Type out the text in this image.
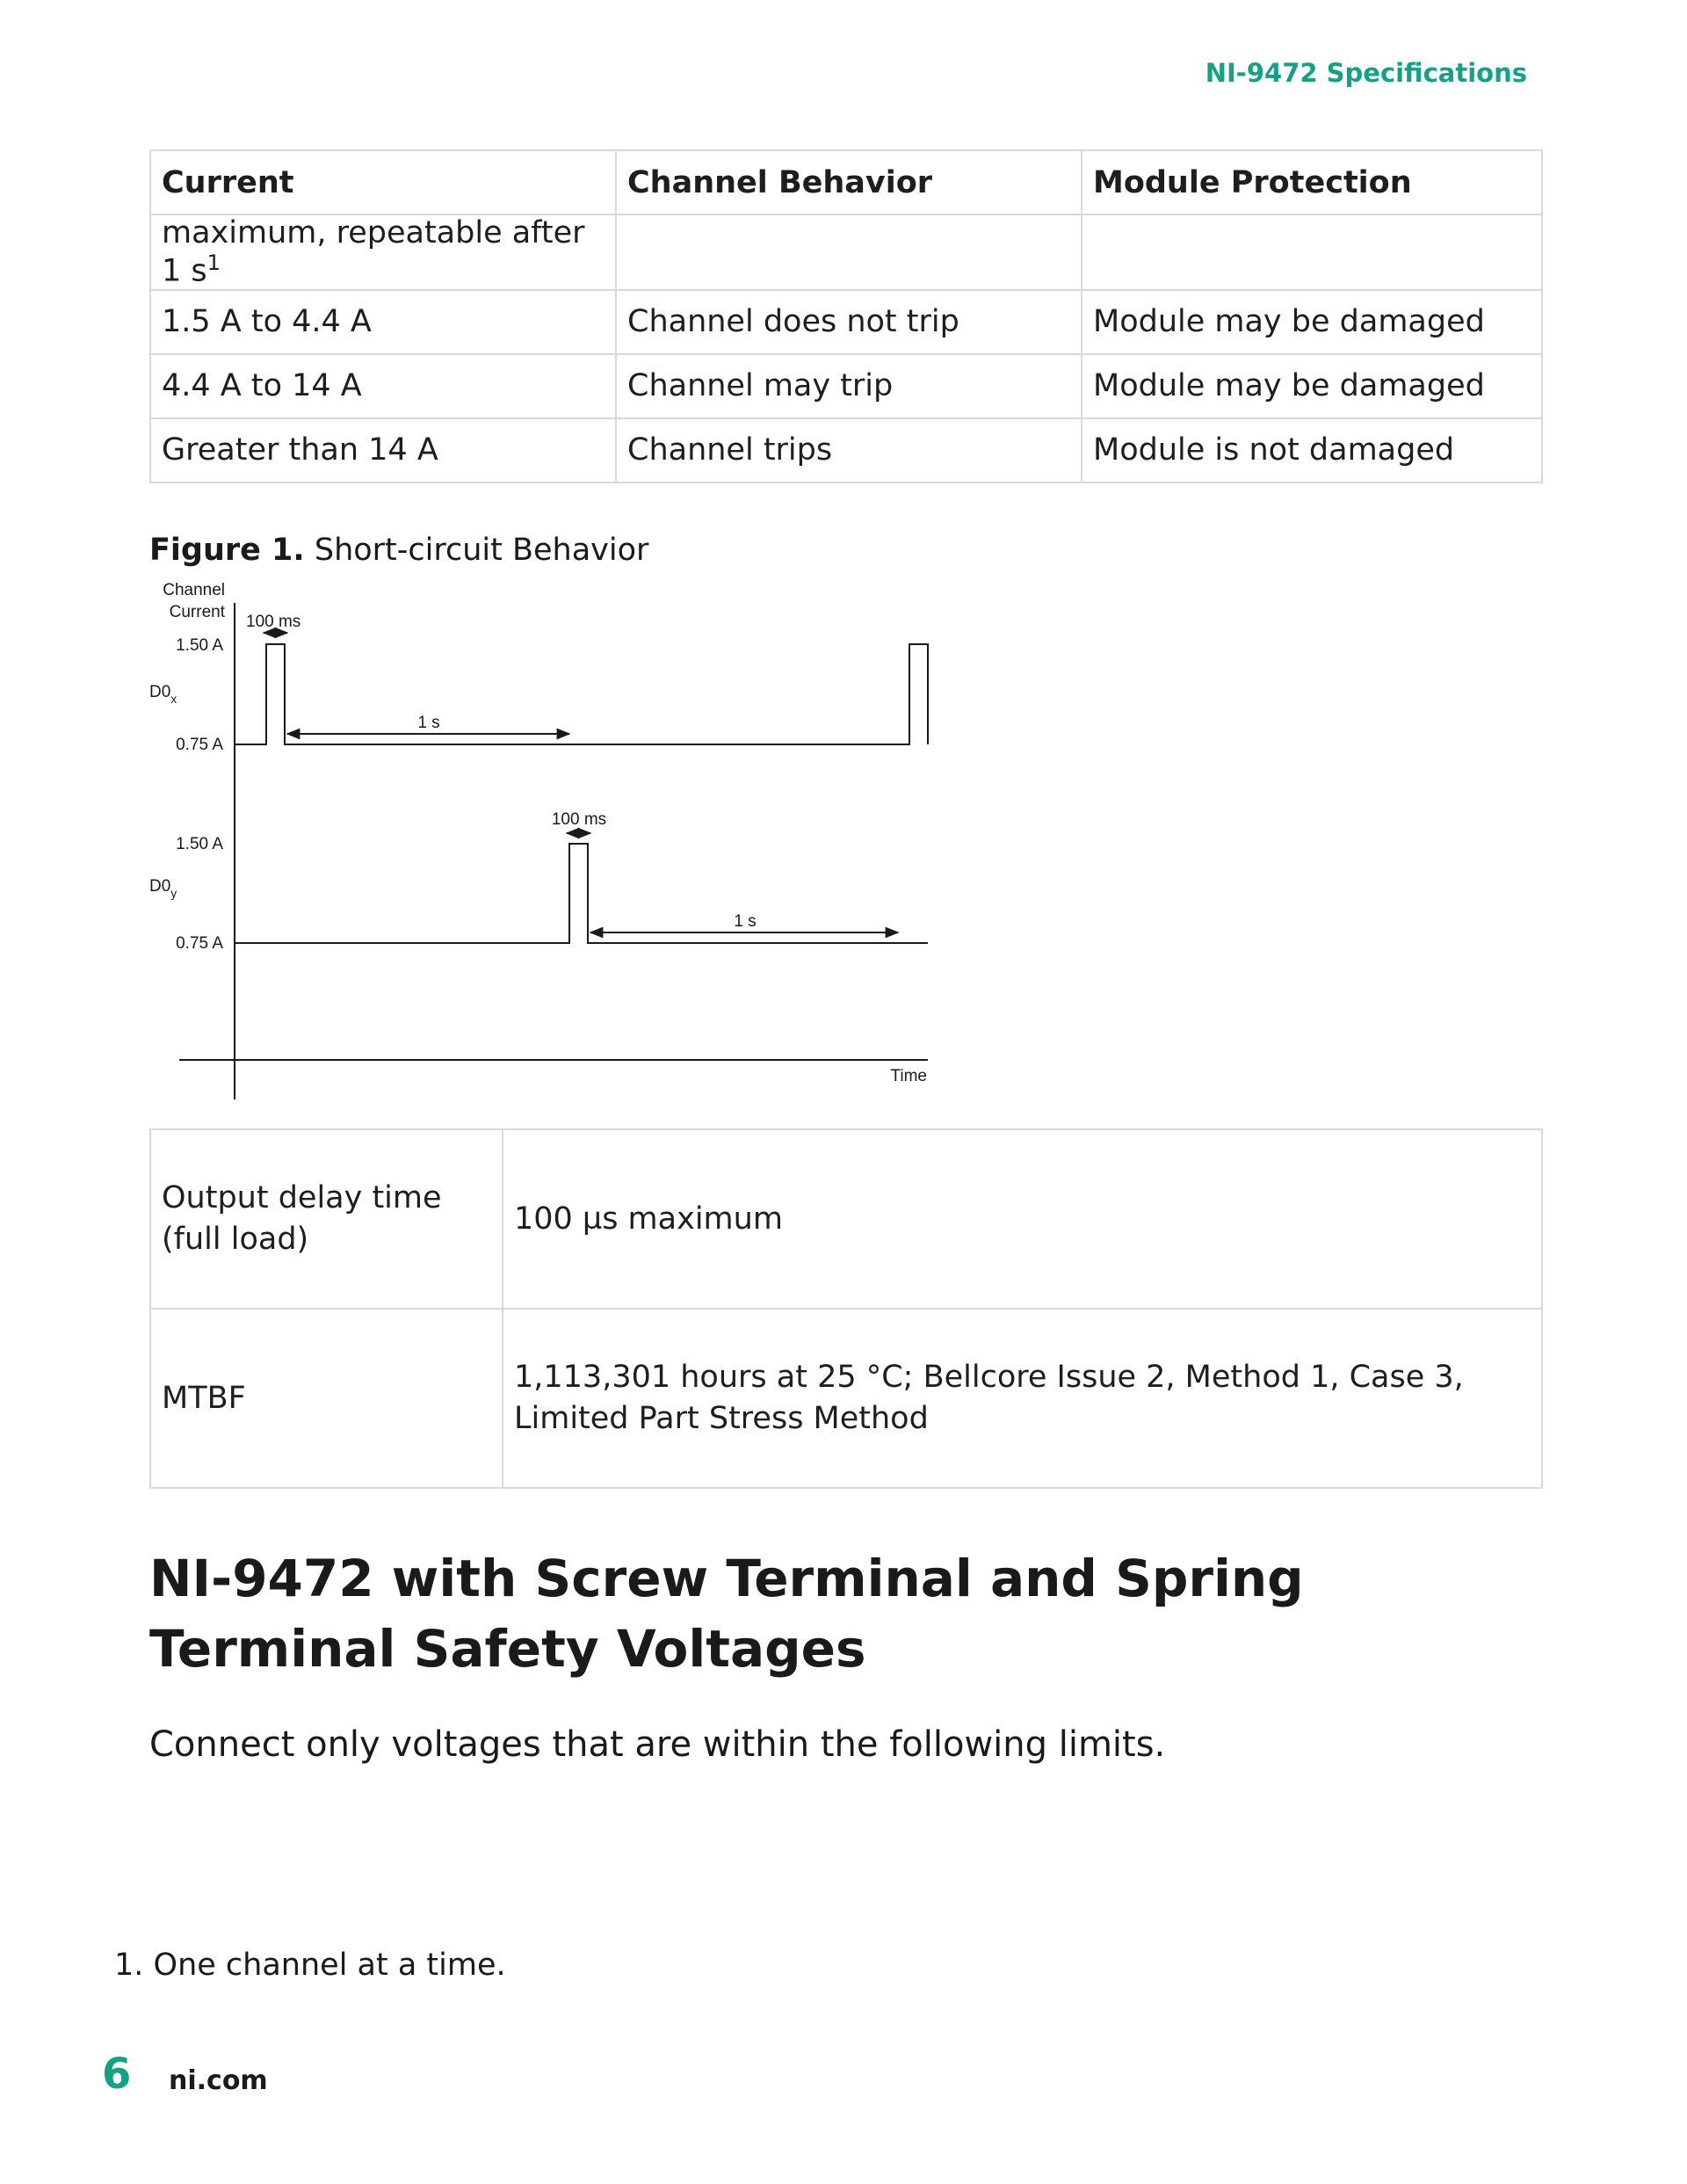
NI-9472 Specifications
Current	Channel Behavior	Module Protection
maximum, repeatable after 1 $s^1$		
1.5 A to 4.4 A	Channel does not trip	Module may be damaged
4.4 A to 14 A	Channel may trip	Module may be damaged
Greater than 14 A	Channel trips	Module is not damaged
Figure 1. Short-circuit Behavior
Channel
Current
1.50 A
0.75 A
$D0_x$
100 ms
1 s
1.50 A
0.75 A
$D0_y$
100 ms
1 s
Time
Output delay time (full load)	100 µs maximum
MTBF	1,113,301 hours at 25 °C; Bellcore Issue 2, Method 1, Case 3, Limited Part Stress Method
NI-9472 with Screw Terminal and Spring Terminal Safety Voltages

Connect only voltages that are within the following limits.

1. One channel at a time.
6 ni.com
